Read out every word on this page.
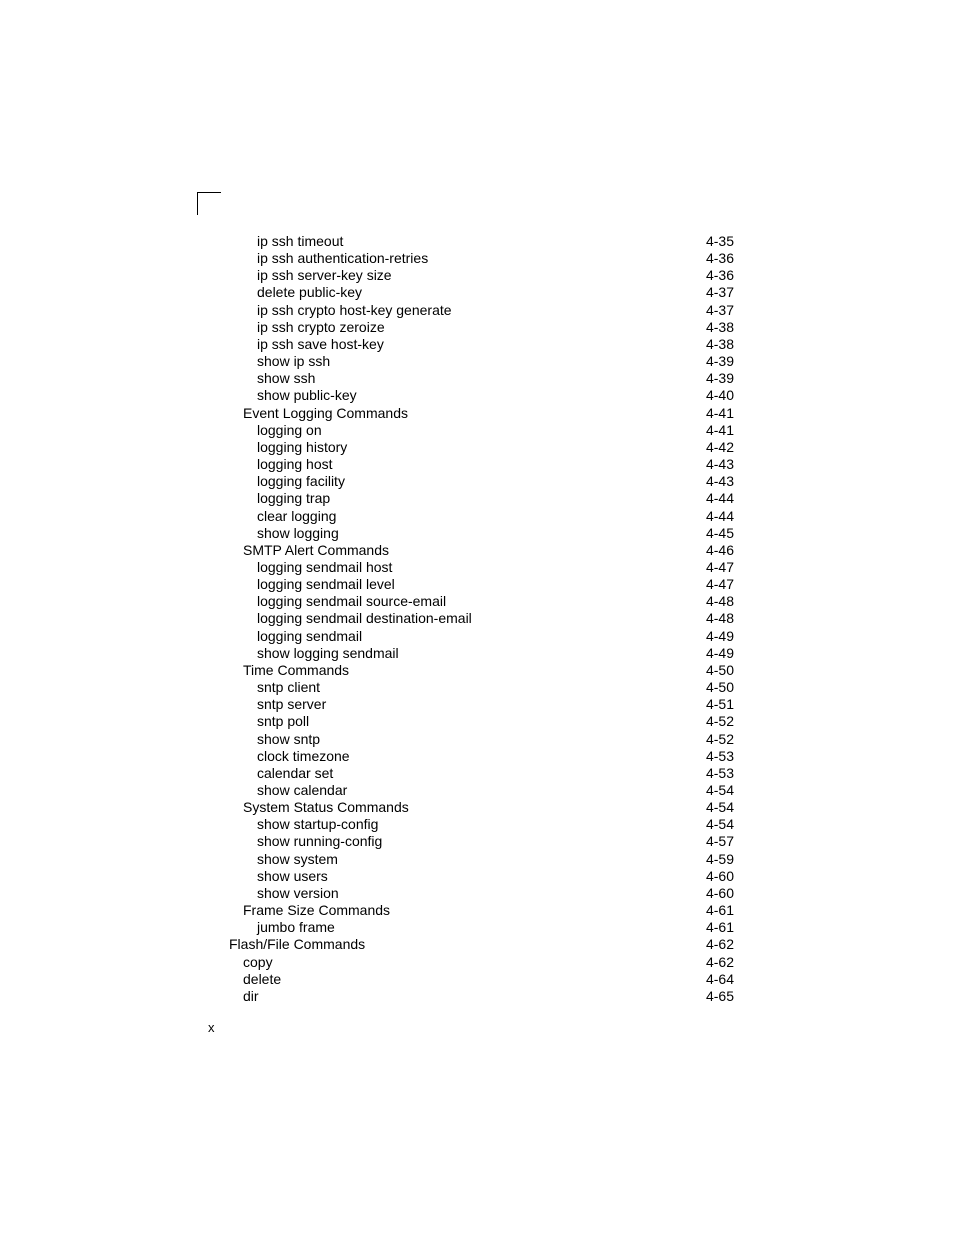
ip ssh timeout	4-35
ip ssh authentication-retries	4-36
ip ssh server-key size	4-36
delete public-key	4-37
ip ssh crypto host-key generate	4-37
ip ssh crypto zeroize	4-38
ip ssh save host-key	4-38
show ip ssh	4-39
show ssh	4-39
show public-key	4-40
Event Logging Commands	4-41
logging on	4-41
logging history	4-42
logging host	4-43
logging facility	4-43
logging trap	4-44
clear logging	4-44
show logging	4-45
SMTP Alert Commands	4-46
logging sendmail host	4-47
logging sendmail level	4-47
logging sendmail source-email	4-48
logging sendmail destination-email	4-48
logging sendmail	4-49
show logging sendmail	4-49
Time Commands	4-50
sntp client	4-50
sntp server	4-51
sntp poll	4-52
show sntp	4-52
clock timezone	4-53
calendar set	4-53
show calendar	4-54
System Status Commands	4-54
show startup-config	4-54
show running-config	4-57
show system	4-59
show users	4-60
show version	4-60
Frame Size Commands	4-61
jumbo frame	4-61
Flash/File Commands	4-62
copy	4-62
delete	4-64
dir	4-65
x
